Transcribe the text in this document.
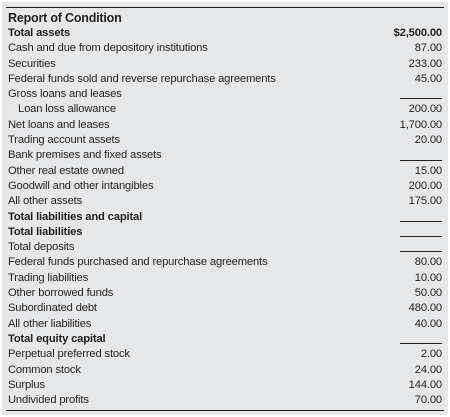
Report of Condition
Total assets	$2,500.00
Cash and due from depository institutions	87.00
Securities	233.00
Federal funds sold and reverse repurchase agreements	45.00
Gross loans and leases
Loan loss allowance	200.00
Net loans and leases	1,700.00
Trading account assets	20.00
Bank premises and fixed assets
Other real estate owned	15.00
Goodwill and other intangibles	200.00
All other assets	175.00
Total liabilities and capital
Total liabilities
Total deposits
Federal funds purchased and repurchase agreements	80.00
Trading liabilities	10.00
Other borrowed funds	50.00
Subordinated debt	480.00
All other liabilities	40.00
Total equity capital
Perpetual preferred stock	2.00
Common stock	24.00
Surplus	144.00
Undivided profits	70.00
